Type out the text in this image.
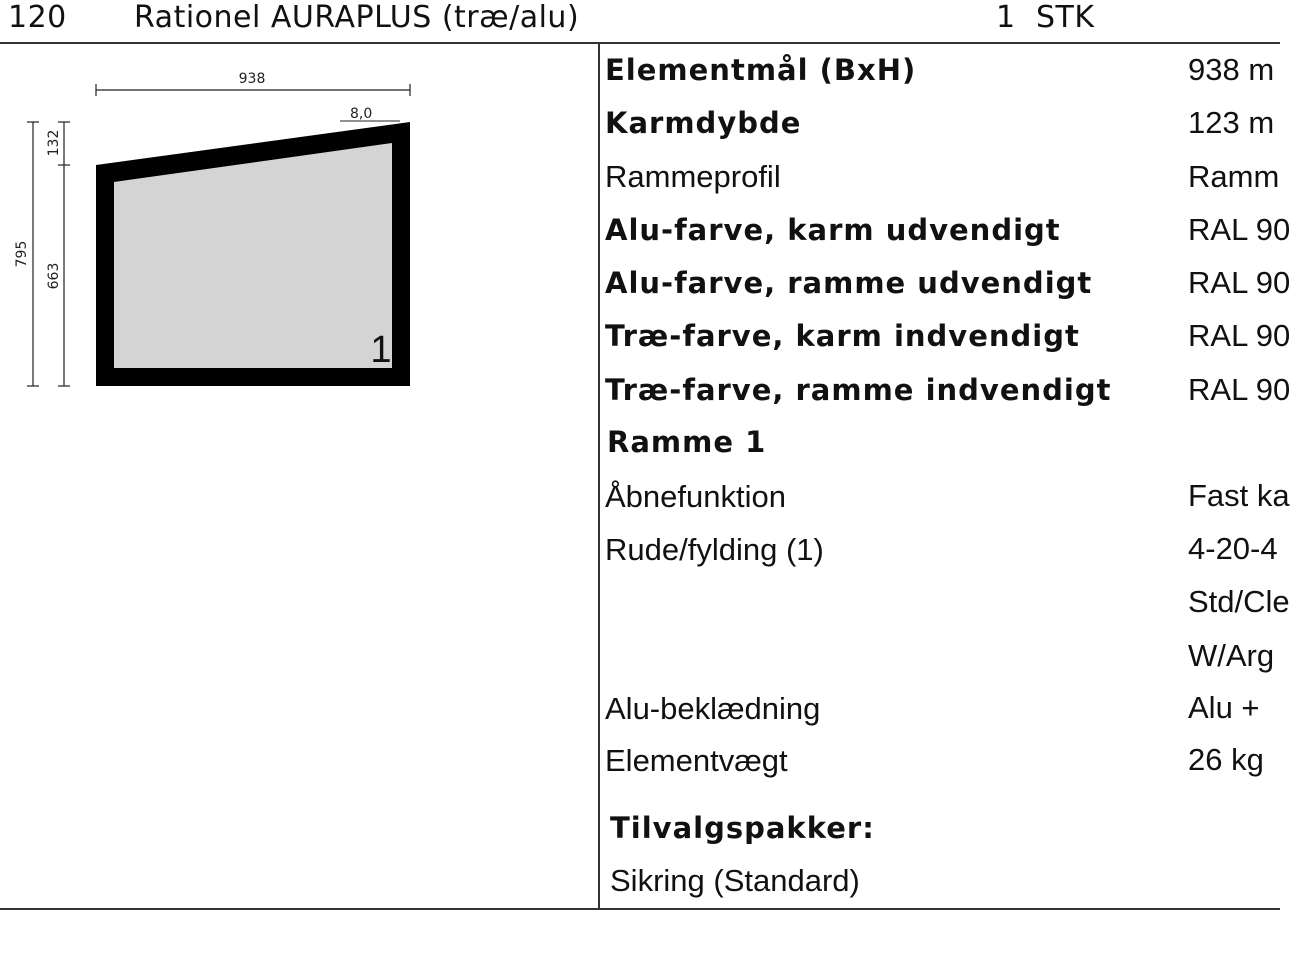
120 Rationel AURAPLUS (træ/alu)	1 STK
938
8,0
795
132
663
1
Elementmål (BxH)	938 m
Karmdybde	123 m
Rammeprofil	Ramm
Alu-farve, karm udvendigt	RAL 90
Alu-farve, ramme udvendigt	RAL 90
Træ-farve, karm indvendigt	RAL 90
Træ-farve, ramme indvendigt RAL 90
Ramme 1
Åbnefunktion	Fast ka
Rude/fylding (1)	4-20-4
Std/Cle
W/Arg
Alu-beklædning	Alu +
Elementvægt	26 kg
Tilvalgspakker:
Sikring (Standard)
